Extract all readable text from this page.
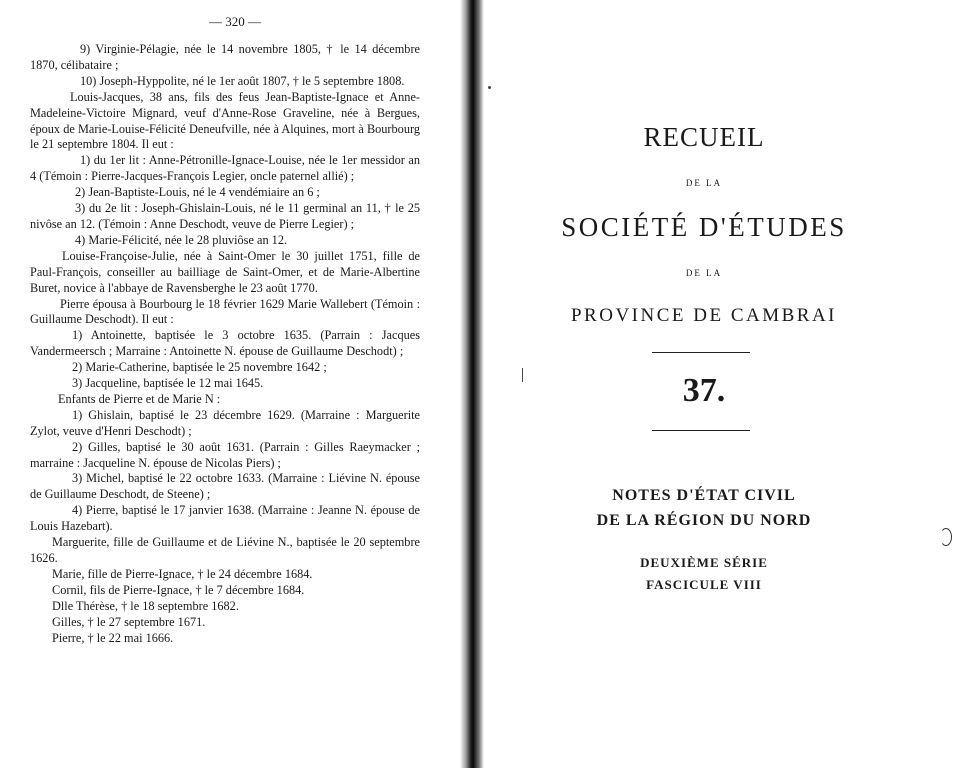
— 320 —

9) Virginie-Pélagie, née le 14 novembre 1805, † le 14 décembre 1870, célibataire ;

10) Joseph-Hyppolite, né le 1er août 1807, † le 5 septembre 1808.

Louis-Jacques, 38 ans, fils des feus Jean-Baptiste-Ignace et Anne-Madeleine-Victoire Mignard, veuf d'Anne-Rose Graveline, née à Bergues, époux de Marie-Louise-Félicité Deneufville, née à Alquines, mort à Bourbourg le 21 septembre 1804. Il eut :

1) du 1er lit : Anne-Pétronille-Ignace-Louise, née le 1er messidor an 4 (Témoin : Pierre-Jacques-François Legier, oncle paternel allié) ;

2) Jean-Baptiste-Louis, né le 4 vendémiaire an 6 ;

3) du 2e lit : Joseph-Ghislain-Louis, né le 11 germinal an 11, † le 25 nivôse an 12. (Témoin : Anne Deschodt, veuve de Pierre Legier) ;

4) Marie-Félicité, née le 28 pluviôse an 12.

Louise-Françoise-Julie, née à Saint-Omer le 30 juillet 1751, fille de Paul-François, conseiller au bailliage de Saint-Omer, et de Marie-Albertine Buret, novice à l'abbaye de Ravensberghe le 23 août 1770.

Pierre épousa à Bourbourg le 18 février 1629 Marie Wallebert (Témoin : Guillaume Deschodt). Il eut :

1) Antoinette, baptisée le 3 octobre 1635. (Parrain : Jacques Vandermeersch ; Marraine : Antoinette N. épouse de Guillaume Deschodt) ;

2) Marie-Catherine, baptisée le 25 novembre 1642 ;

3) Jacqueline, baptisée le 12 mai 1645.

Enfants de Pierre et de Marie N :

1) Ghislain, baptisé le 23 décembre 1629. (Marraine : Marguerite Zylot, veuve d'Henri Deschodt) ;

2) Gilles, baptisé le 30 août 1631. (Parrain : Gilles Raeymacker ; marraine : Jacqueline N. épouse de Nicolas Piers) ;

3) Michel, baptisé le 22 octobre 1633. (Marraine : Liévine N. épouse de Guillaume Deschodt, de Steene) ;

4) Pierre, baptisé le 17 janvier 1638. (Marraine : Jeanne N. épouse de Louis Hazebart).

Marguerite, fille de Guillaume et de Liévine N., baptisée le 20 septembre 1626.

Marie, fille de Pierre-Ignace, † le 24 décembre 1684.

Cornil, fils de Pierre-Ignace, † le 7 décembre 1684.

Dlle Thérèse, † le 18 septembre 1682.

Gilles, † le 27 septembre 1671.

Pierre, † le 22 mai 1666.

RECUEIL
DE LA
SOCIÉTÉ D'ÉTUDES
DE LA
PROVINCE DE CAMBRAI
37.
NOTES D'ÉTAT CIVIL
DE LA RÉGION DU NORD
DEUXIÈME SÉRIE
FASCICULE VIII
